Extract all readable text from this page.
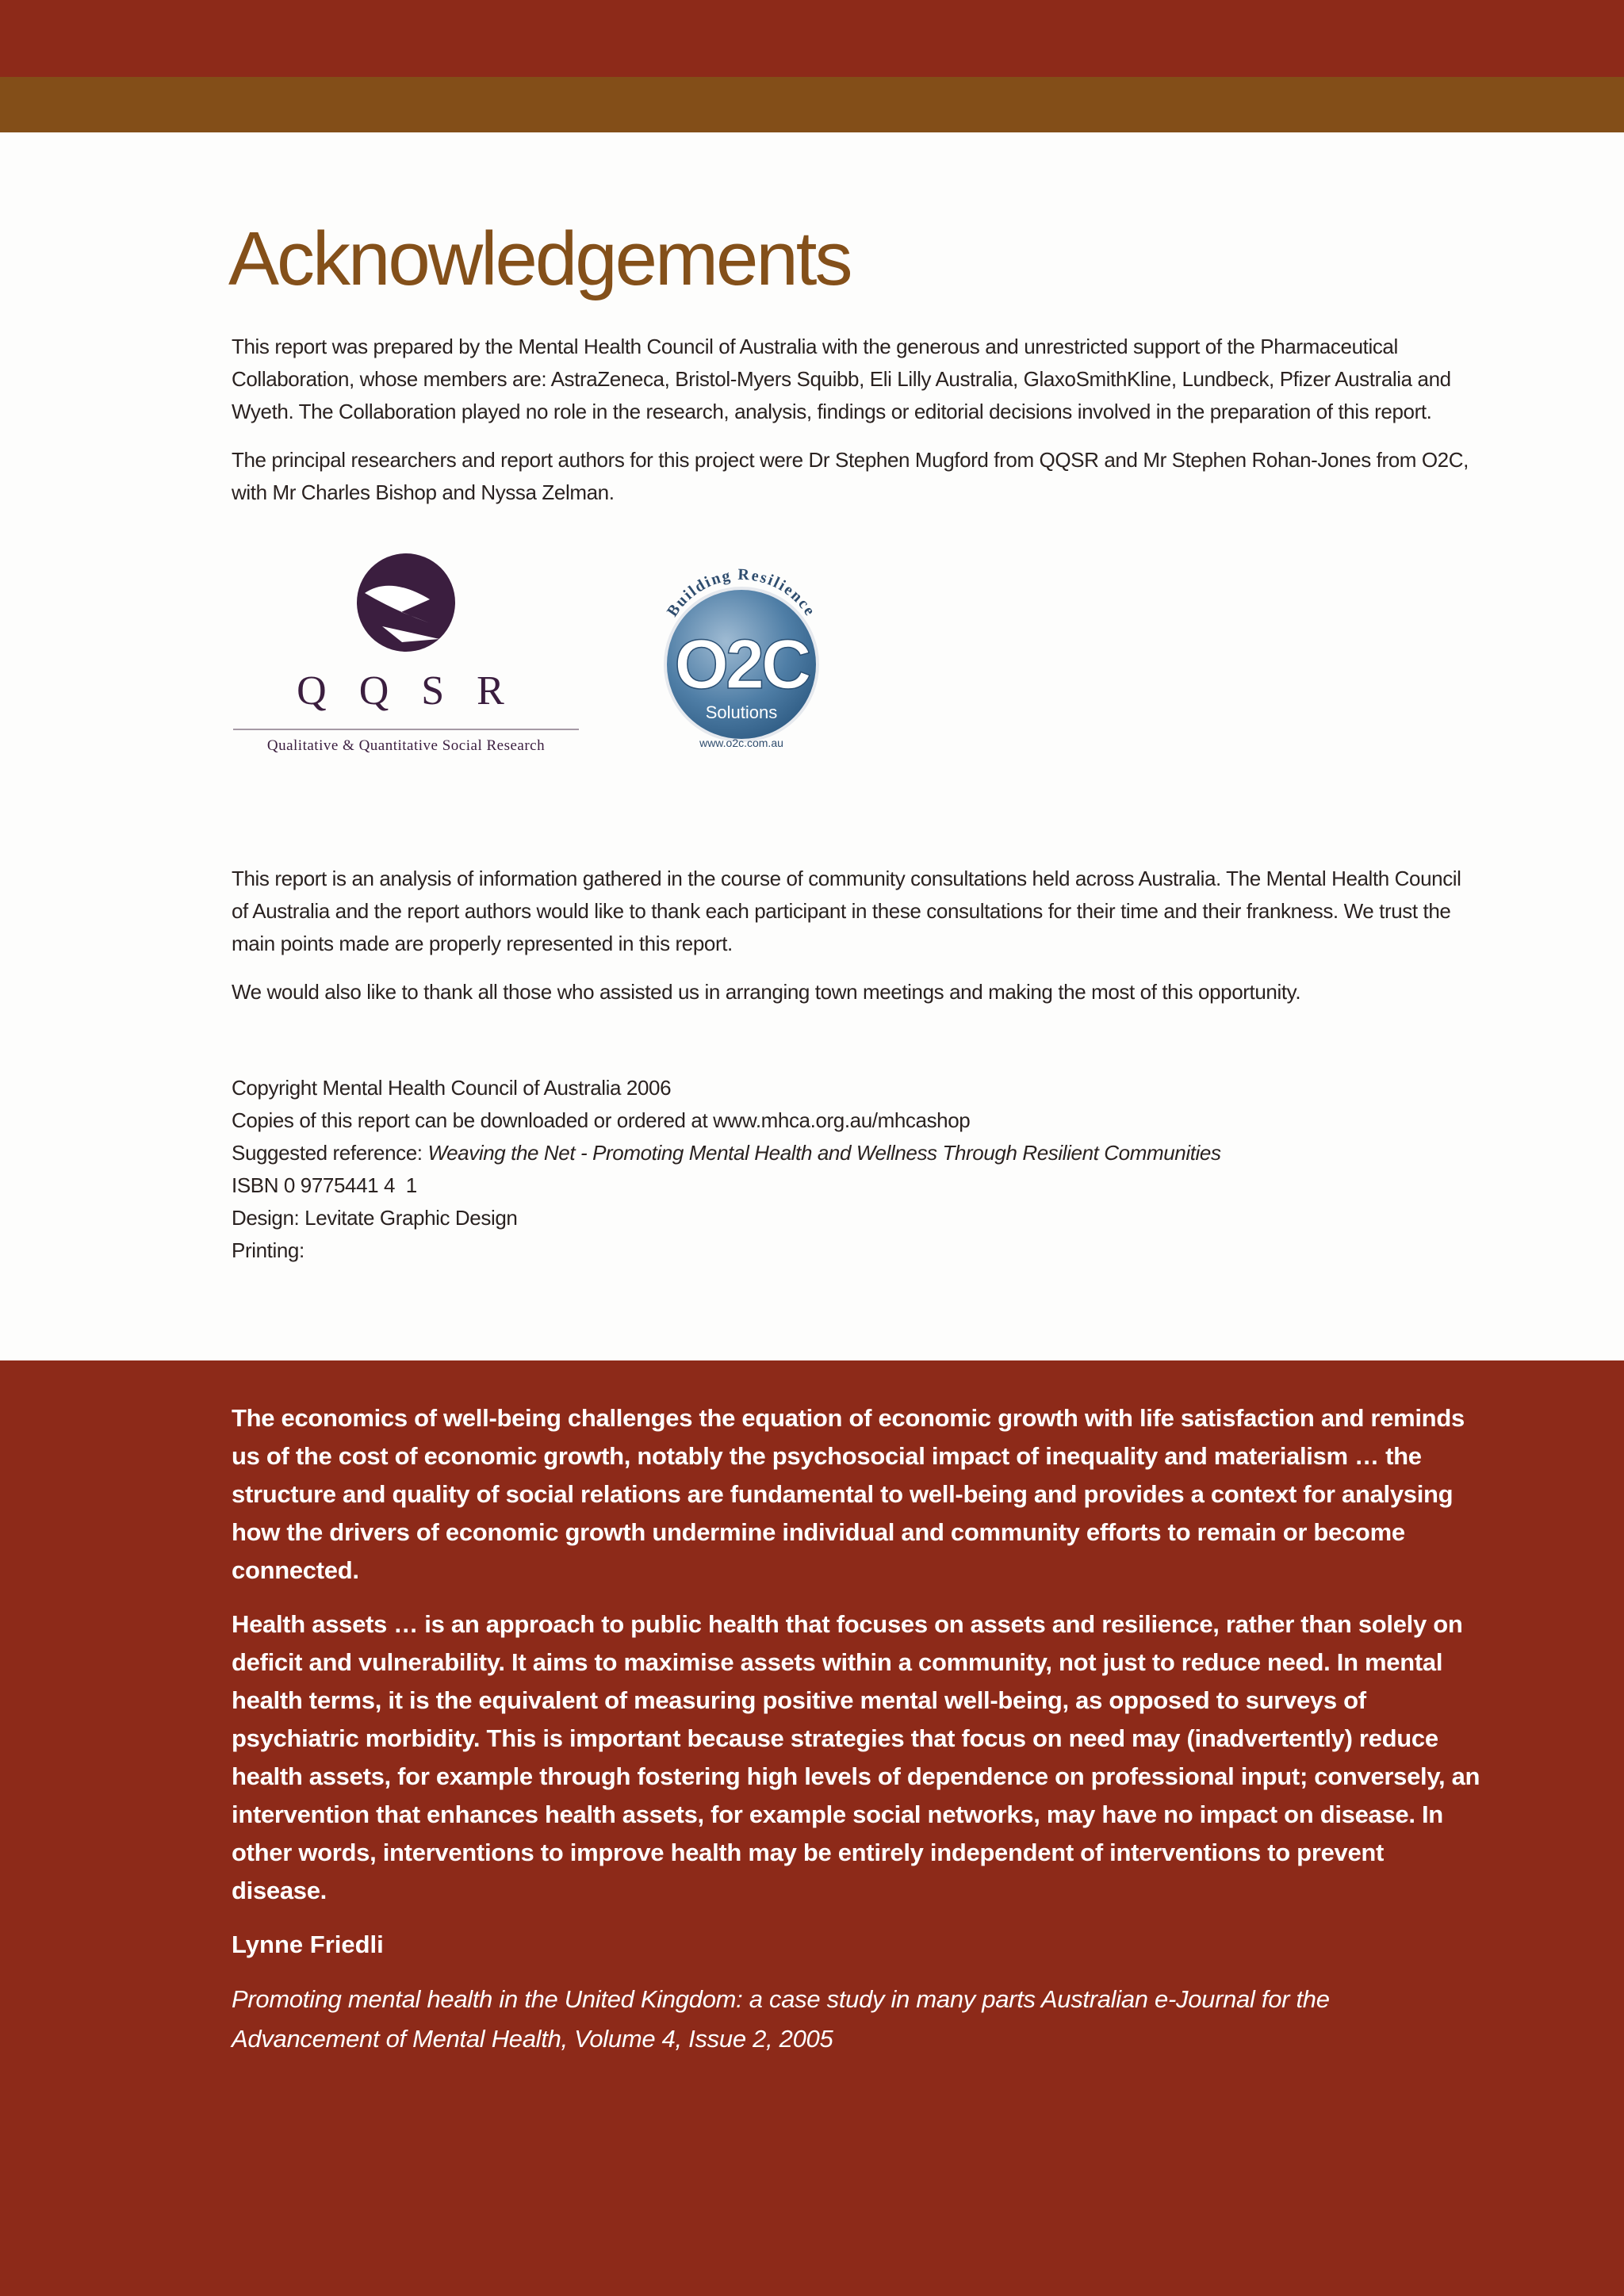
Acknowledgements

This report was prepared by the Mental Health Council of Australia with the generous and unrestricted support of the Pharmaceutical Collaboration, whose members are: AstraZeneca, Bristol-Myers Squibb, Eli Lilly Australia, GlaxoSmithKline, Lundbeck, Pfizer Australia and Wyeth. The Collaboration played no role in the research, analysis, findings or editorial decisions involved in the preparation of this report.

The principal researchers and report authors for this project were Dr Stephen Mugford from QQSR and Mr Stephen Rohan-Jones from O2C, with Mr Charles Bishop and Nyssa Zelman.

Q Q S R
Qualitative & Quantitative Social Research
Building Resilience
O2C
Solutions
www.o2c.com.au

This report is an analysis of information gathered in the course of community consultations held across Australia. The Mental Health Council of Australia and the report authors would like to thank each participant in these consultations for their time and their frankness. We trust the main points made are properly represented in this report.

We would also like to thank all those who assisted us in arranging town meetings and making the most of this opportunity.

Copyright Mental Health Council of Australia 2006
Copies of this report can be downloaded or ordered at www.mhca.org.au/mhcashop
Suggested reference: Weaving the Net - Promoting Mental Health and Wellness Through Resilient Communities
ISBN 0 9775441 4  1
Design: Levitate Graphic Design
Printing:

The economics of well-being challenges the equation of economic growth with life satisfaction and reminds us of the cost of economic growth, notably the psychosocial impact of inequality and materialism … the structure and quality of social relations are fundamental to well-being and provides a context for analysing how the drivers of economic growth undermine individual and community efforts to remain or become connected.

Health assets … is an approach to public health that focuses on assets and resilience, rather than solely on deficit and vulnerability. It aims to maximise assets within a community, not just to reduce need. In mental health terms, it is the equivalent of measuring positive mental well-being, as opposed to surveys of psychiatric morbidity. This is important because strategies that focus on need may (inadvertently) reduce health assets, for example through fostering high levels of dependence on professional input; conversely, an intervention that enhances health assets, for example social networks, may have no impact on disease. In other words, interventions to improve health may be entirely independent of interventions to prevent disease.

Lynne Friedli
Promoting mental health in the United Kingdom: a case study in many parts Australian e-Journal for the Advancement of Mental Health, Volume 4, Issue 2, 2005
